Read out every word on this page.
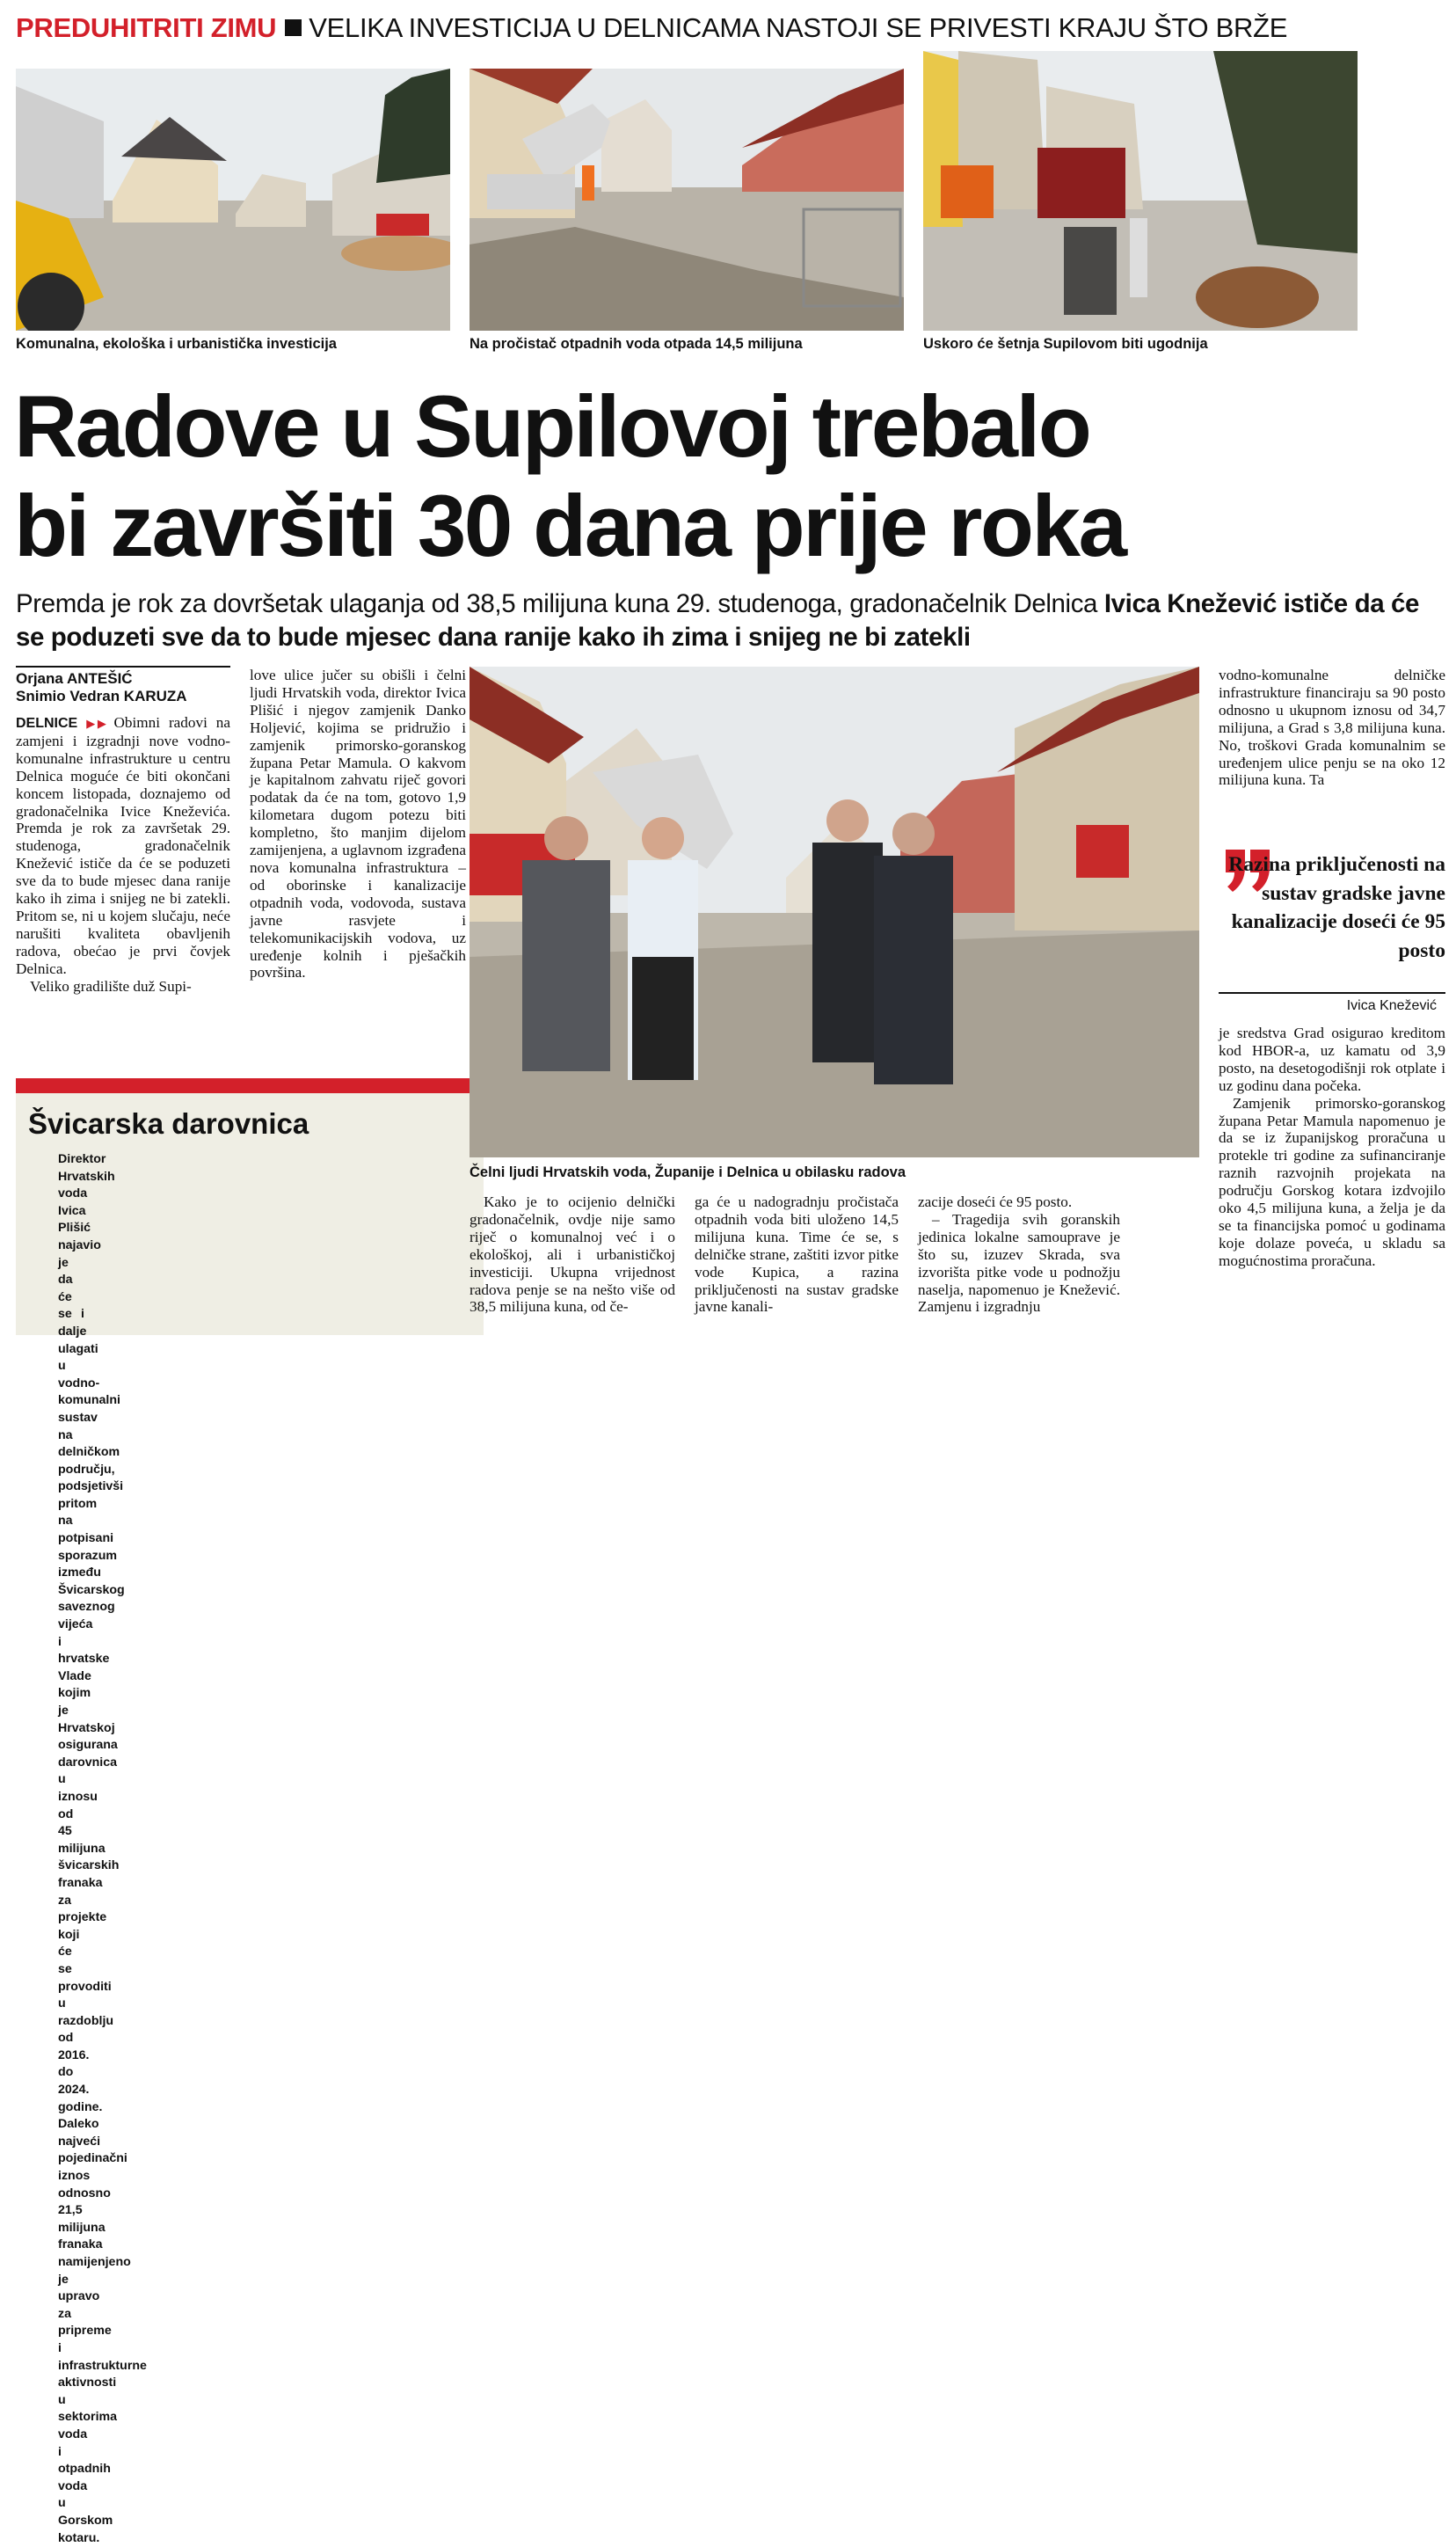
PREDUHITRITI ZIMU VELIKA INVESTICIJA U DELNICAMA NASTOJI SE PRIVESTI KRAJU ŠTO BRŽE
Komunalna, ekološka i urbanistička investicija	Na pročistač otpadnih voda otpada 14,5 milijuna	Uskoro će šetnja Supilovom biti ugodnija
Radove u Supilovoj trebalo
bi završiti 30 dana prije roka
Premda je rok za dovršetak ulaganja od 38,5 milijuna kuna 29. studenoga, gradonačelnik Delnica Ivica Knežević ističe da će se poduzeti sve da to bude mjesec dana ranije kako ih zima i snijeg ne bi zatekli
Orjana ANTEŠIĆ
Snimio Vedran KARUZA

DELNICE ▶▶ Obimni radovi na zamjeni i izgradnji nove vodno-komunalne infrastrukture u centru Delnica moguće će biti okončani koncem listopada, doznajemo od gradonačelnika Ivice Kneževića. Premda je rok za završetak 29. studenoga, gradonačelnik Knežević ističe da će se poduzeti sve da to bude mjesec dana ranije kako ih zima i snijeg ne bi zatekli. Pritom se, ni u kojem slučaju, neće narušiti kvaliteta obavljenih radova, obećao je prvi čovjek Delnica.

Veliko gradilište duž Supi-

love ulice jučer su obišli i čelni ljudi Hrvatskih voda, direktor Ivica Plišić i njegov zamjenik Danko Holjević, kojima se pridružio i zamjenik primorsko-goranskog župana Petar Mamula. O kakvom je kapitalnom zahvatu riječ govori podatak da će na tom, gotovo 1,9 kilometara dugom potezu biti kompletno, što manjim dijelom zamijenjena, a uglavnom izgrađena nova komunalna infrastruktura – od oborinske i kanalizacije otpadnih voda, vodovoda, sustava javne rasvjete i telekomunikacijskih vodova, uz uređenje kolnih i pješačkih površina.

Švicarska darovnica
Direktor Hrvatskih voda Ivica Plišić najavio je da će se i dalje ulagati u vodno-komunalni sustav na delničkom području, podsjetivši pritom na potpisani sporazum između Švicarskog saveznog vijeća i hrvatske Vlade kojim je Hrvatskoj osigurana darovnica u iznosu od 45 milijuna švicarskih franaka za projekte koji će se provoditi u razdoblju od 2016. do 2024. godine. Daleko najveći pojedinačni iznos odnosno 21,5 milijuna franaka namijenjeno je upravo za pripreme i infrastrukturne aktivnosti u sektorima voda i otpadnih voda u Gorskom kotaru.
Čelni ljudi Hrvatskih voda, Županije i Delnica u obilasku radova

Kako je to ocijenio delnički gradonačelnik, ovdje nije samo riječ o komunalnoj već i o ekološkoj, ali i urbanističkoj investiciji. Ukupna vrijednost radova penje se na nešto više od 38,5 milijuna kuna, od če-

ga će u nadogradnju pročistača otpadnih voda biti uloženo 14,5 milijuna kuna. Time će se, s delničke strane, zaštiti izvor pitke vode Kupica, a razina priključenosti na sustav gradske javne kanali-

zacije doseći će 95 posto.

– Tragedija svih goranskih jedinica lokalne samouprave je što su, izuzev Skrada, sva izvorišta pitke vode u podnožju naselja, napomenuo je Knežević. Zamjenu i izgradnju

vodno-komunalne delničke infrastrukture financiraju sa 90 posto odnosno u ukupnom iznosu od 34,7 milijuna, a Grad s 3,8 milijuna kuna. No, troškovi Grada komunalnim se uređenjem ulice penju se na oko 12 milijuna kuna. Ta

Razina priključenosti na sustav gradske javne kanalizacije doseći će 95 posto
Ivica Knežević

je sredstva Grad osigurao kreditom kod HBOR-a, uz kamatu od 3,9 posto, na desetogodišnji rok otplate i uz godinu dana počeka.

Zamjenik primorsko-goranskog župana Petar Mamula napomenuo je da se iz županijskog proračuna u protekle tri godine za sufinanciranje raznih razvojnih projekata na području Gorskog kotara izdvojilo oko 4,5 milijuna kuna, a želja je da se ta financijska pomoć u godinama koje dolaze poveća, u skladu sa mogućnostima proračuna.
